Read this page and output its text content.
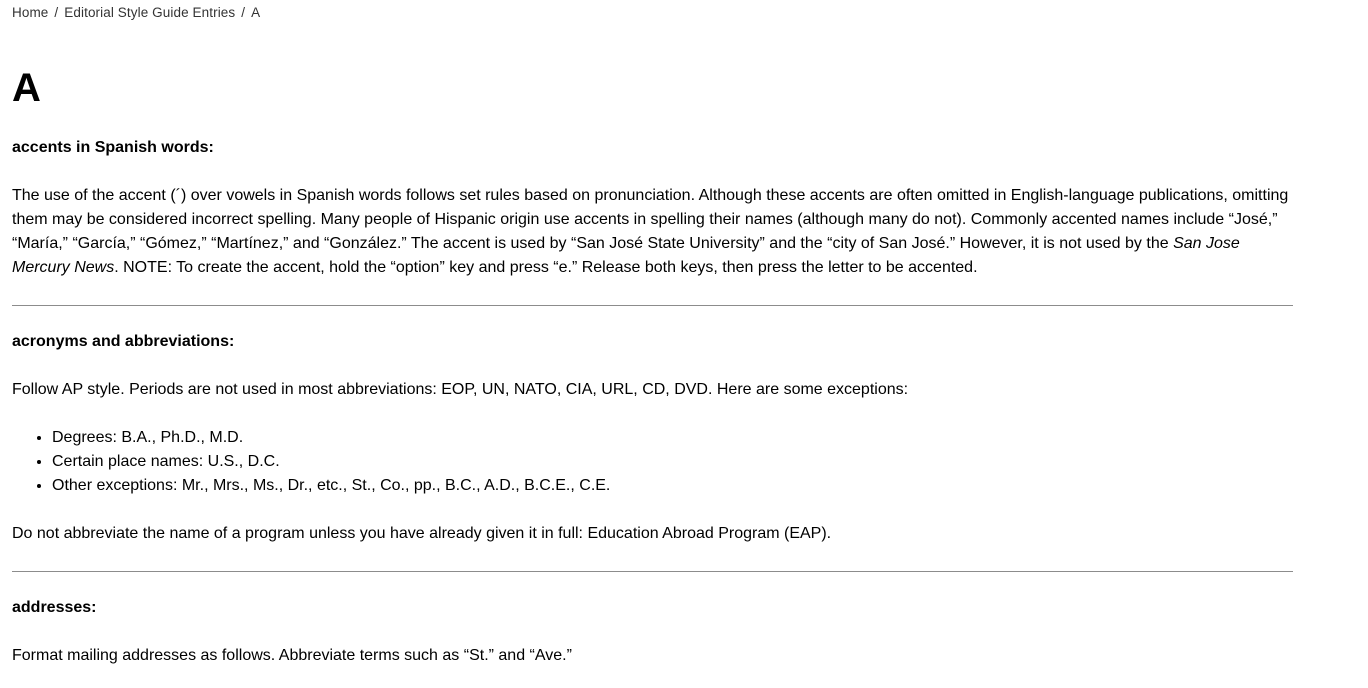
Home / Editorial Style Guide Entries / A
A
accents in Spanish words:

The use of the accent (´) over vowels in Spanish words follows set rules based on pronunciation. Although these accents are often omitted in English-language publications, omitting them may be considered incorrect spelling. Many people of Hispanic origin use accents in spelling their names (although many do not). Commonly accented names include “José,” “María,” “García,” “Gómez,” “Martínez,” and “González.” The accent is used by “San José State University” and the “city of San José.” However, it is not used by the San Jose Mercury News. NOTE: To create the accent, hold the “option” key and press “e.” Release both keys, then press the letter to be accented.

acronyms and abbreviations:

Follow AP style. Periods are not used in most abbreviations: EOP, UN, NATO, CIA, URL, CD, DVD. Here are some exceptions:

• Degrees: B.A., Ph.D., M.D.
• Certain place names: U.S., D.C.
• Other exceptions: Mr., Mrs., Ms., Dr., etc., St., Co., pp., B.C., A.D., B.C.E., C.E.

Do not abbreviate the name of a program unless you have already given it in full: Education Abroad Program (EAP).

addresses:

Format mailing addresses as follows. Abbreviate terms such as “St.” and “Ave.”
